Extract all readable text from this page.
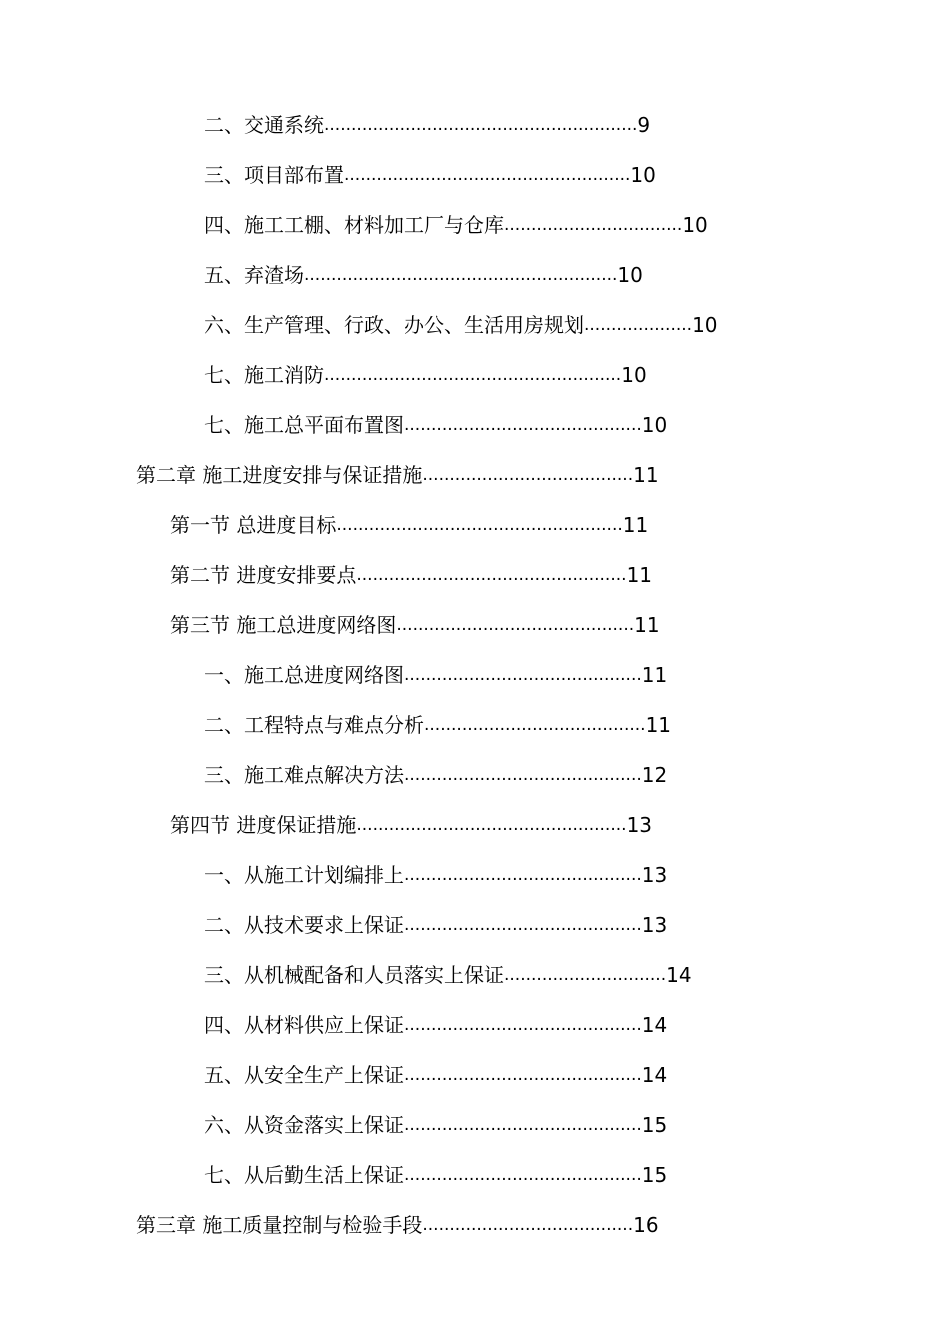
二、交通系统..........................................................9
三、项目部布置.....................................................10
四、施工工棚、材料加工厂与仓库.................................10
五、弃渣场..........................................................10
六、生产管理、行政、办公、生活用房规划....................10
七、施工消防.......................................................10
七、施工总平面布置图............................................10
第二章 施工进度安排与保证措施.......................................11
第一节 总进度目标.....................................................11
第二节 进度安排要点..................................................11
第三节 施工总进度网络图............................................11
一、施工总进度网络图............................................11
二、工程特点与难点分析.........................................11
三、施工难点解决方法............................................12
第四节 进度保证措施..................................................13
一、从施工计划编排上............................................13
二、从技术要求上保证............................................13
三、从机械配备和人员落实上保证..............................14
四、从材料供应上保证............................................14
五、从安全生产上保证............................................14
六、从资金落实上保证............................................15
七、从后勤生活上保证............................................15
第三章 施工质量控制与检验手段.......................................16
